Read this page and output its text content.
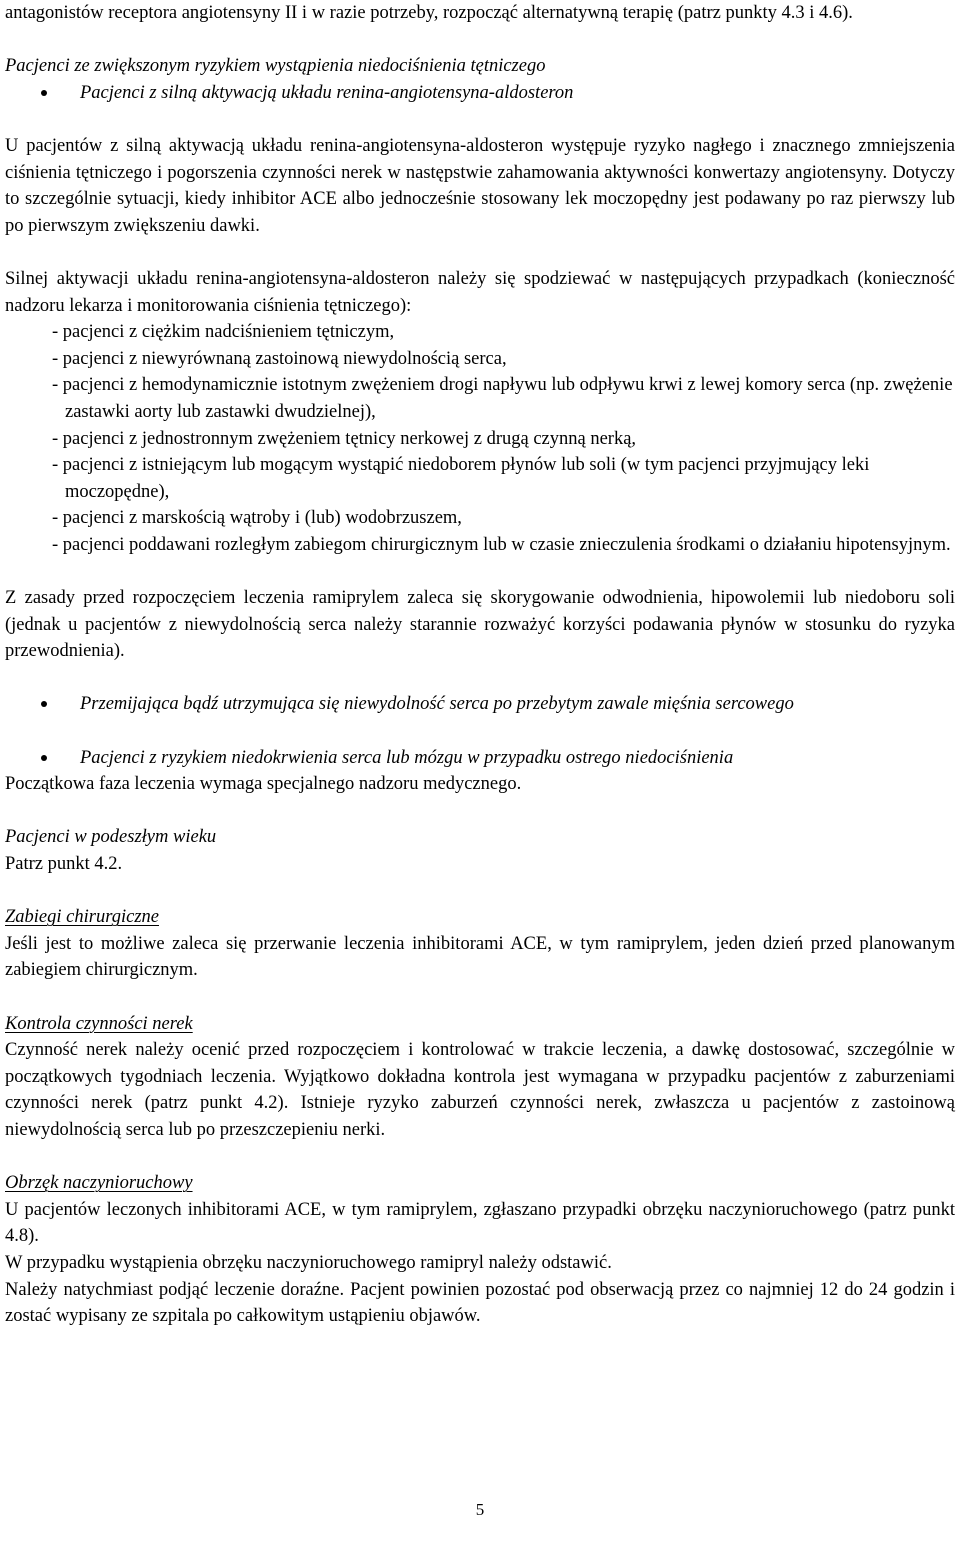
antagonistów receptora angiotensyny II i w razie potrzeby, rozpocząć alternatywną terapię (patrz punkty 4.3 i 4.6).

Pacjenci ze zwiększonym ryzykiem wystąpienia niedociśnienia tętniczego

Pacjenci z silną aktywacją układu renina-angiotensyna-aldosteron

U pacjentów z silną aktywacją układu renina-angiotensyna-aldosteron występuje ryzyko nagłego i znacznego zmniejszenia ciśnienia tętniczego i pogorszenia czynności nerek w następstwie zahamowania aktywności konwertazy angiotensyny. Dotyczy to szczególnie sytuacji, kiedy inhibitor ACE albo jednocześnie stosowany lek moczopędny jest podawany po raz pierwszy lub po pierwszym zwiększeniu dawki.

Silnej aktywacji układu renina-angiotensyna-aldosteron należy się spodziewać w następujących przypadkach (konieczność nadzoru lekarza i monitorowania ciśnienia tętniczego):

- pacjenci z ciężkim nadciśnieniem tętniczym,

- pacjenci z niewyrównaną zastoinową niewydolnością serca,

- pacjenci z hemodynamicznie istotnym zwężeniem drogi napływu lub odpływu krwi z lewej komory serca (np. zwężenie zastawki aorty lub zastawki dwudzielnej),

- pacjenci z jednostronnym zwężeniem tętnicy nerkowej z drugą czynną nerką,

- pacjenci z istniejącym lub mogącym wystąpić niedoborem płynów lub soli (w tym pacjenci przyjmujący leki moczopędne),

- pacjenci z marskością wątroby i (lub) wodobrzuszem,

- pacjenci poddawani rozległym zabiegom chirurgicznym lub w czasie znieczulenia środkami o działaniu hipotensyjnym.

Z zasady przed rozpoczęciem leczenia ramiprylem zaleca się skorygowanie odwodnienia, hipowolemii lub niedoboru soli (jednak u pacjentów z niewydolnością serca należy starannie rozważyć korzyści podawania płynów w stosunku do ryzyka przewodnienia).

Przemijająca bądź utrzymująca się niewydolność serca po przebytym zawale mięśnia sercowego
Pacjenci z ryzykiem niedokrwienia serca lub mózgu w przypadku ostrego niedociśnienia

Początkowa faza leczenia wymaga specjalnego nadzoru medycznego.

Pacjenci w podeszłym wieku

Patrz punkt 4.2.

Zabiegi chirurgiczne

Jeśli jest to możliwe zaleca się przerwanie leczenia inhibitorami ACE, w tym ramiprylem, jeden dzień przed planowanym zabiegiem chirurgicznym.

Kontrola czynności nerek

Czynność nerek należy ocenić przed rozpoczęciem i kontrolować w trakcie leczenia, a dawkę dostosować, szczególnie w początkowych tygodniach leczenia. Wyjątkowo dokładna kontrola jest wymagana w przypadku pacjentów z zaburzeniami czynności nerek (patrz punkt 4.2). Istnieje ryzyko zaburzeń czynności nerek, zwłaszcza u pacjentów z zastoinową niewydolnością serca lub po przeszczepieniu nerki.

Obrzęk naczynioruchowy

U pacjentów leczonych inhibitorami ACE, w tym ramiprylem, zgłaszano przypadki obrzęku naczynioruchowego (patrz punkt 4.8).

W przypadku wystąpienia obrzęku naczynioruchowego ramipryl należy odstawić.

Należy natychmiast podjąć leczenie doraźne. Pacjent powinien pozostać pod obserwacją przez co najmniej 12 do 24 godzin i zostać wypisany ze szpitala po całkowitym ustąpieniu objawów.

5
